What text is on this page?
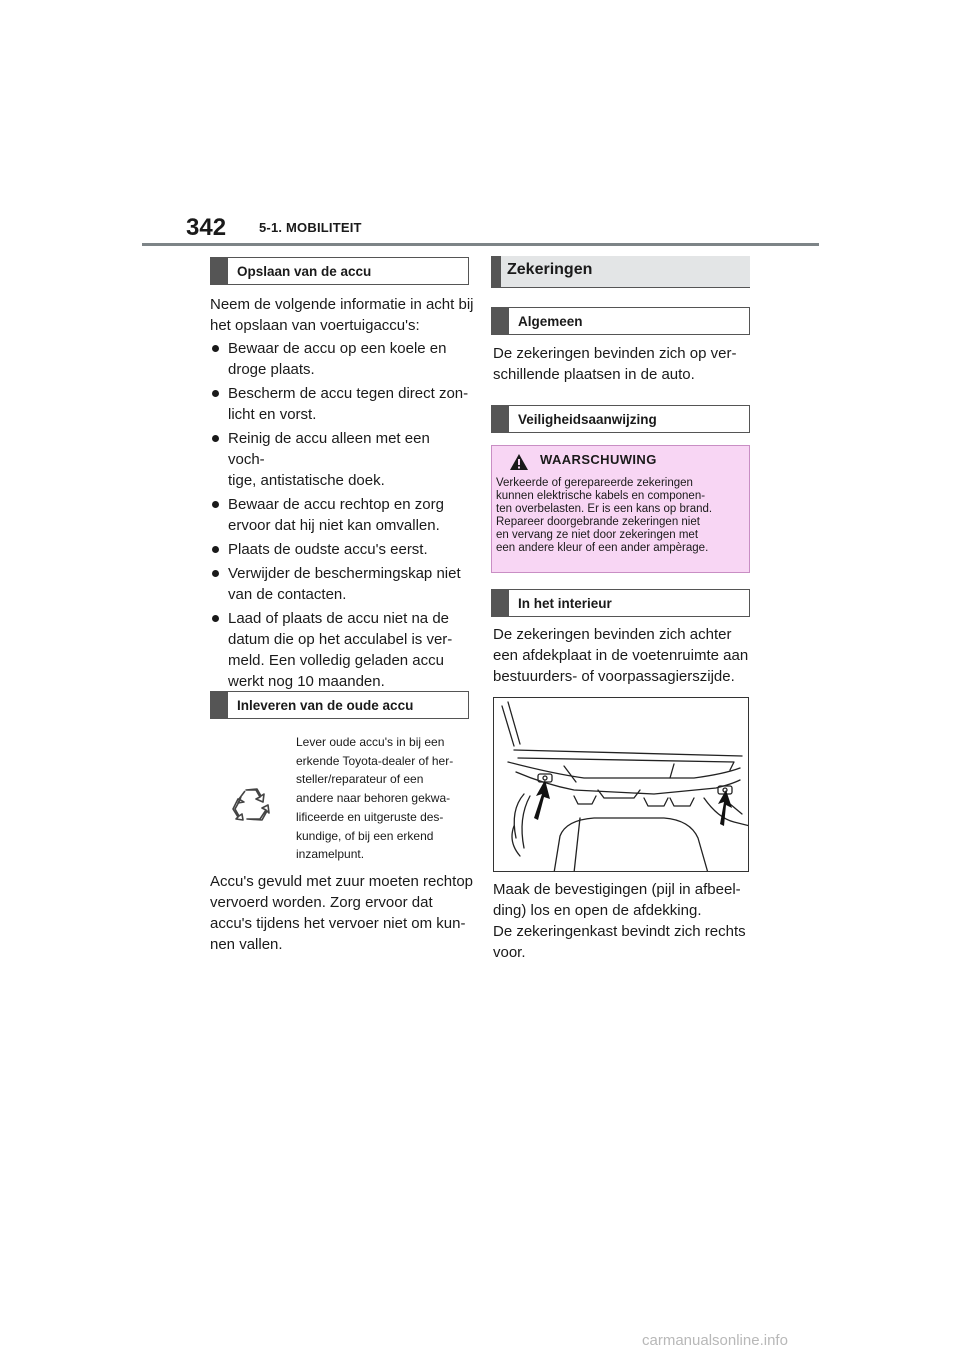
342	5-1. MOBILITEIT
Opslaan van de accu
Neem de volgende informatie in acht bij
het opslaan van voertuigaccu's:
Bewaar de accu op een koele en
droge plaats.
Bescherm de accu tegen direct zon-
licht en vorst.
Reinig de accu alleen met een voch-
tige, antistatische doek.
Bewaar de accu rechtop en zorg
ervoor dat hij niet kan omvallen.
Plaats de oudste accu's eerst.
Verwijder de beschermingskap niet
van de contacten.
Laad of plaats de accu niet na de
datum die op het acculabel is ver-
meld. Een volledig geladen accu
werkt nog 10 maanden.
Inleveren van de oude accu
Lever oude accu's in bij een
erkende Toyota-dealer of her-
steller/reparateur of een
andere naar behoren gekwa-
lificeerde en uitgeruste des-
kundige, of bij een erkend
inzamelpunt.
Accu's gevuld met zuur moeten rechtop
vervoerd worden. Zorg ervoor dat
accu's tijdens het vervoer niet om kun-
nen vallen.
Zekeringen
Algemeen
De zekeringen bevinden zich op ver-
schillende plaatsen in de auto.
Veiligheidsaanwijzing
WAARSCHUWING
Verkeerde of gerepareerde zekeringen
kunnen elektrische kabels en componen-
ten overbelasten. Er is een kans op brand.
Repareer doorgebrande zekeringen niet
en vervang ze niet door zekeringen met
een andere kleur of een ander ampèrage.
In het interieur
De zekeringen bevinden zich achter
een afdekplaat in de voetenruimte aan
bestuurders- of voorpassagierszijde.
Maak de bevestigingen (pijl in afbeel-
ding) los en open de afdekking.
De zekeringenkast bevindt zich rechts
voor.
carmanualsonline.info
